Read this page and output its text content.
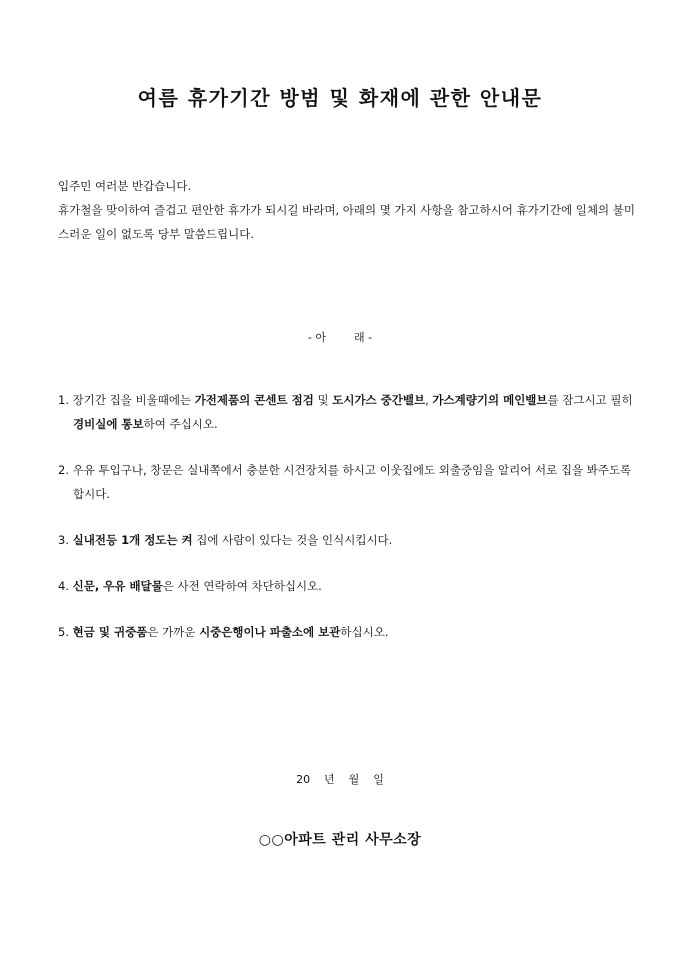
여름 휴가기간 방범 및 화재에 관한 안내문

입주민 여러분 반갑습니다.

휴가철을 맞이하여 즐겁고 편안한 휴가가 되시길 바라며, 아래의 몇 가지 사항을 참고하시어 휴가기간에 일체의 불미스러운 일이 없도록 당부 말씀드립니다.

- 아        래 -

1. 장기간 집을 비울때에는 가전제품의 콘센트 점검 및 도시가스 중간밸브, 가스계량기의 메인밸브를 잠그시고 필히 경비실에 통보하여 주십시오.
2. 우유 투입구나, 창문은 실내쪽에서 충분한 시건장치를 하시고 이웃집에도 외출중임을 알리어 서로 집을 봐주도록 합시다.
3. 실내전등 1개 정도는 켜 집에 사람이 있다는 것을 인식시킵시다.
4. 신문, 우유 배달물은 사전 연락하여 차단하십시오.
5. 현금 및 귀중품은 가까운 시중은행이나 파출소에 보관하십시오.

20    년    월    일

○○아파트 관리 사무소장
